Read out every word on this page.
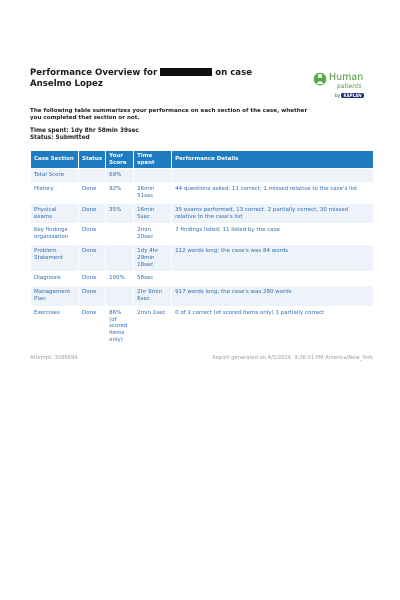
Performance Overview for	on case Anselmo Lopez

Human
patients
by KAPLAN

The following table summarizes your performance on each section of the case, whether you completed that section or not.

Time spent: 1dy 8hr 58min 39sec
Status: Submitted
Case Section	Status	Your Score	Time spent	Performance Details
Total Score		69%		
History	Done	92%	26min 51sec	44 questions asked, 11 correct, 1 missed relative to the case's list
Physical exams	Done	35%	16min 5sec	35 exams performed, 13 correct, 2 partially correct, 30 missed relative to the case's list
Key findings organization	Done		2min 20sec	7 findings listed; 11 listed by the case
Problem Statement	Done		1dy 4hr 29min 18sec	112 words long; the case's was 84 words
Diagnosis	Done	100%	58sec	
Management Plan	Done		2hr 9min 6sec	917 words long; the case's was 280 words
Exercises	Done	86% (of scored items only)	2min 1sec	0 of 1 correct (of scored items only) 1 partially correct
Attempt: 3096694	Report generated on 4/5/2024, 9:26:51 PM America/New_York
